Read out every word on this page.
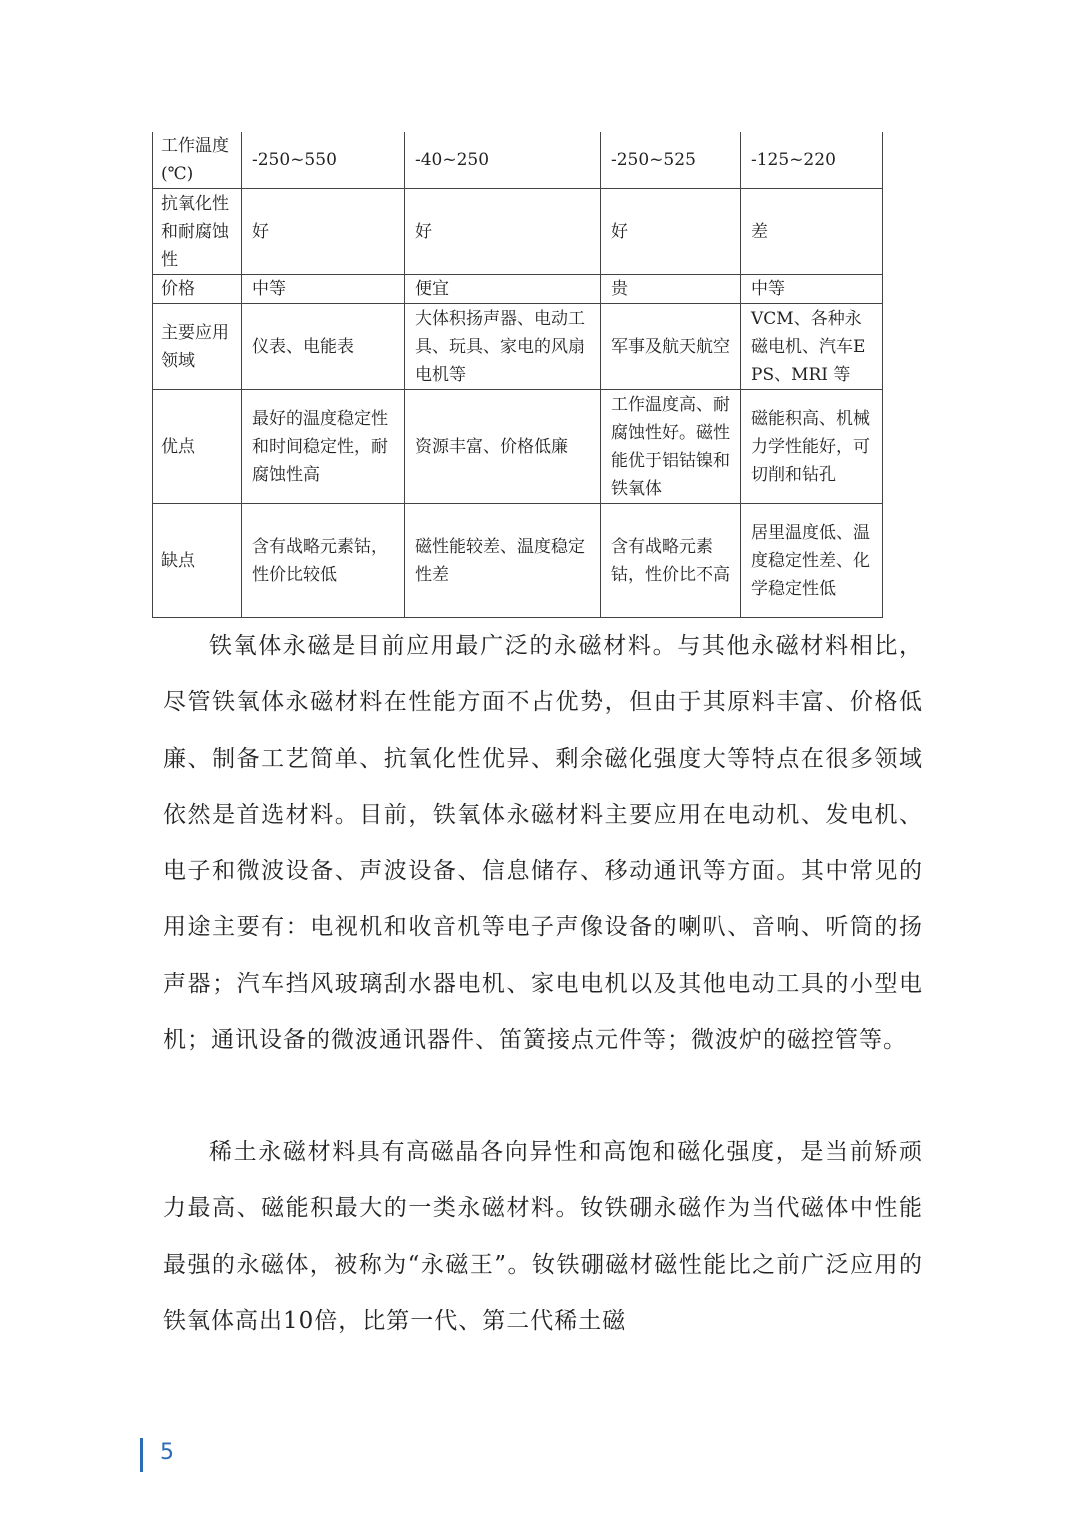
工作温度(℃)	-250~550	-40~250	-250~525	-125~220
抗氧化性和耐腐蚀性	好	好	好	差
价格	中等	便宜	贵	中等
主要应用领域	仪表、电能表	大体积扬声器、电动工具、玩具、家电的风扇电机等	军事及航天航空	VCM、各种永磁电机、汽车EPS、MRI 等
优点	最好的温度稳定性和时间稳定性，耐腐蚀性高	资源丰富、价格低廉	工作温度高、耐腐蚀性好。磁性能优于铝钴镍和铁氧体	磁能积高、机械力学性能好，可切削和钻孔
缺点	含有战略元素钴，性价比较低	磁性能较差、温度稳定性差	含有战略元素钴，性价比不高	居里温度低、温度稳定性差、化学稳定性低

铁氧体永磁是目前应用最广泛的永磁材料。与其他永磁材料相比，尽管铁氧体永磁材料在性能方面不占优势，但由于其原料丰富、价格低廉、制备工艺简单、抗氧化性优异、剩余磁化强度大等特点在很多领域依然是首选材料。目前，铁氧体永磁材料主要应用在电动机、发电机、电子和微波设备、声波设备、信息储存、移动通讯等方面。其中常见的用途主要有：电视机和收音机等电子声像设备的喇叭、音响、听筒的扬声器；汽车挡风玻璃刮水器电机、家电电机以及其他电动工具的小型电机；通讯设备的微波通讯器件、笛簧接点元件等；微波炉的磁控管等。

稀土永磁材料具有高磁晶各向异性和高饱和磁化强度，是当前矫顽力最高、磁能积最大的一类永磁材料。钕铁硼永磁作为当代磁体中性能最强的永磁体，被称为“永磁王”。钕铁硼磁材磁性能比之前广泛应用的铁氧体高出10倍，比第一代、第二代稀土磁

5
